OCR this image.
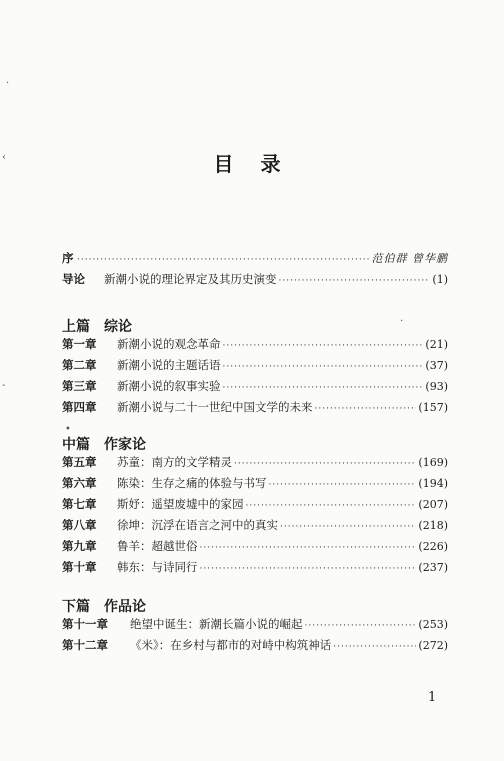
·
‹
-
·
•
目 录
序 ·····	范伯群 曾华鹏
导论	新潮小说的理论界定及其历史演变 ·····	(1)
上篇 综论
第一章	新潮小说的观念革命 ·····	(21)
第二章	新潮小说的主题话语 ·····	(37)
第三章	新潮小说的叙事实验 ·····	(93)
第四章	新潮小说与二十一世纪中国文学的未来 ·····	(157)
中篇 作家论
第五章	苏童：南方的文学精灵 ·····	(169)
第六章	陈染：生存之痛的体验与书写 ·····	(194)
第七章	斯妤：遥望废墟中的家园 ·····	(207)
第八章	徐坤：沉浮在语言之河中的真实 ·····	(218)
第九章	鲁羊：超越世俗 ·····	(226)
第十章	韩东：与诗同行 ·····	(237)
下篇 作品论
第十一章	绝望中诞生：新潮长篇小说的崛起 ·····	(253)
第十二章	《米》：在乡村与都市的对峙中构筑神话 ·····	(272)
1
